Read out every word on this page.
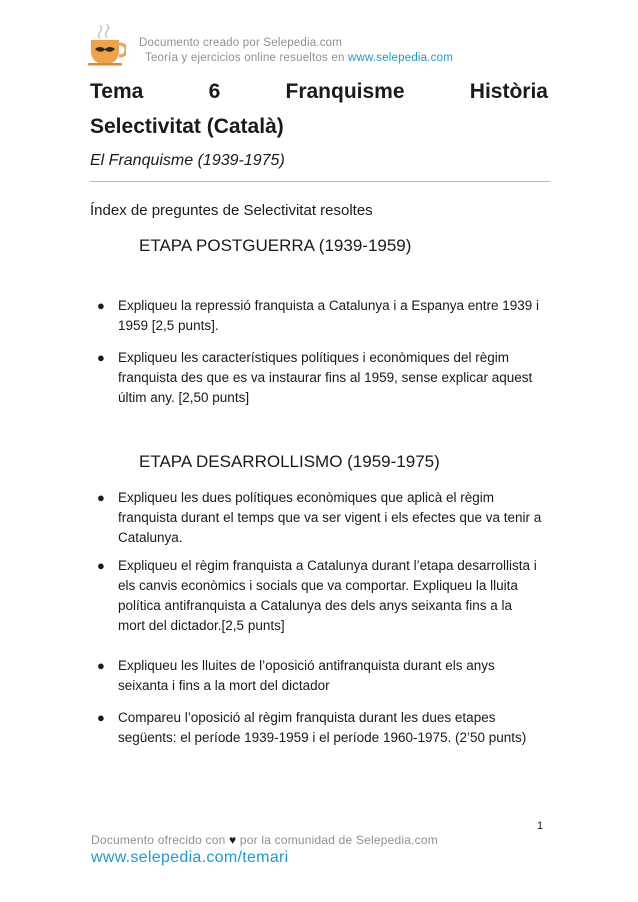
Documento creado por Selepedia.com
Teoría y ejercicios online resueltos en www.selepedia.com
Tema	6	Franquisme	Història
Selectivitat (Català)
El Franquisme (1939-1975)
Índex de preguntes de Selectivitat resoltes
ETAPA POSTGUERRA (1939-1959)
● Expliqueu la repressió franquista a Catalunya i a Espanya entre 1939 i 1959 [2,5 punts].
● Expliqueu les característiques polítiques i econòmiques del règim franquista des que es va instaurar fins al 1959, sense explicar aquest últim any. [2,50 punts]
ETAPA DESARROLLISMO (1959-1975)
● Expliqueu les dues polítiques econòmiques que aplicà el règim franquista durant el temps que va ser vigent i els efectes que va tenir a Catalunya.
● Expliqueu el règim franquista a Catalunya durant l’etapa desarrollista i els canvis econòmics i socials que va comportar. Expliqueu la lluita política antifranquista a Catalunya des dels anys seixanta fins a la mort del dictador.[2,5 punts]
● Expliqueu les lluites de l’oposició antifranquista durant els anys seixanta i fins a la mort del dictador
● Compareu l’oposició al règim franquista durant les dues etapes següents: el període 1939-1959 i el període 1960-1975. (2’50 punts)
1
Documento ofrecido con ♥ por la comunidad de Selepedia.com
www.selepedia.com/temari
